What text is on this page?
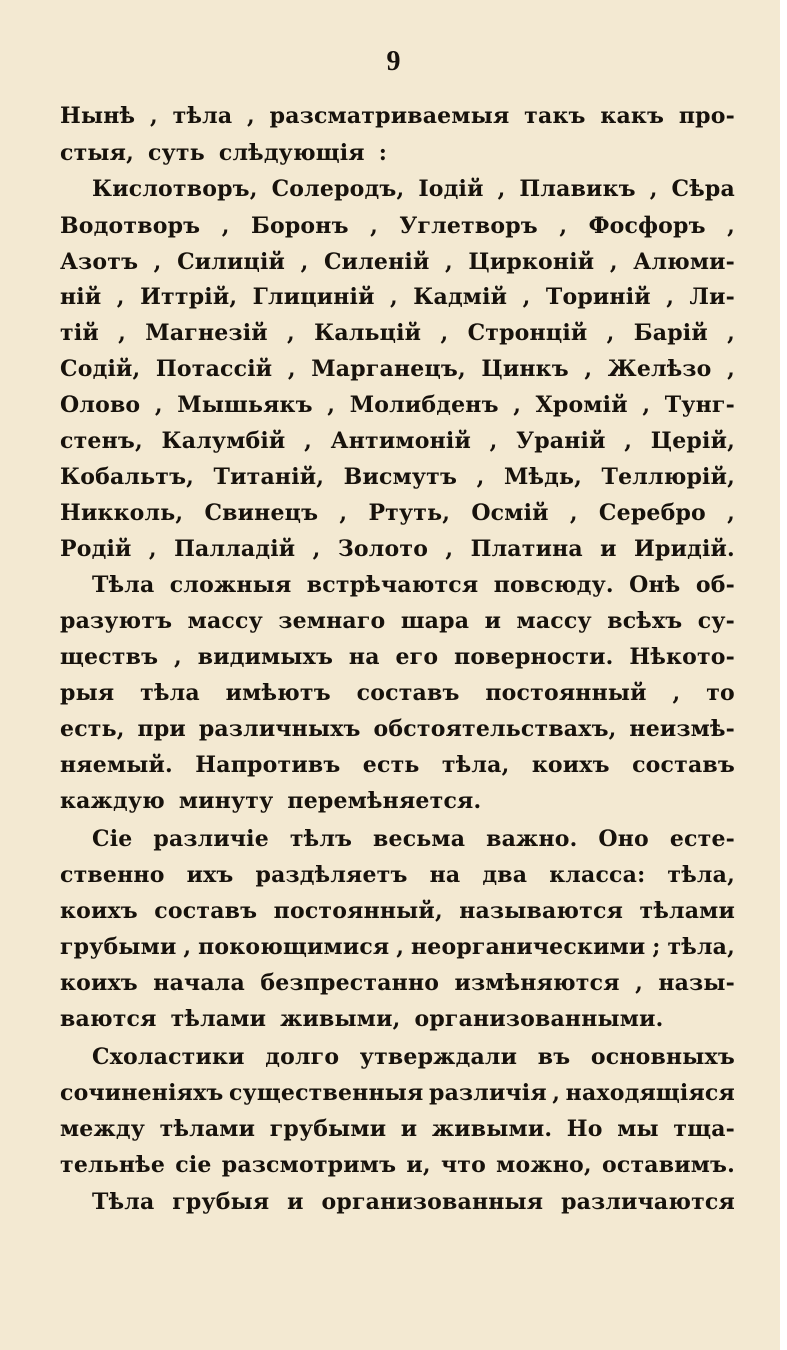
9
Нынѣ , тѣла , разсматриваемыя такъ какъ про-
стыя, суть слѣдующія :
Кислотворъ, Солеродъ, Іодій , Плавикъ , Сѣра
Водотворъ , Боронъ , Углетворъ , Фосфоръ ,
Азотъ , Силицій , Силеній , Цирконій , Алюми-
ній , Иттрій, Глициній , Кадмій , Ториній , Ли-
тій , Магнезій , Кальцій , Стронцій , Барій ,
Содій, Потассій , Марганецъ, Цинкъ , Желѣзо ,
Олово , Мышьякъ , Молибденъ , Хромій , Тунг-
стенъ, Калумбій , Антимоній , Ураній , Церій,
Кобальтъ, Титаній, Висмутъ , Мѣдь, Теллюрій,
Никколь, Свинецъ , Ртуть, Осмій , Серебро ,
Родій , Палладій , Золото , Платина и Иридій.
Тѣла сложныя встрѣчаются повсюду. Онѣ об-
разуютъ массу земнаго шара и массу всѣхъ су-
ществъ , видимыхъ на его поверности. Нѣкото-
рыя тѣла имѣютъ составъ постоянный , то
есть, при различныхъ обстоятельствахъ, неизмѣ-
няемый. Напротивъ есть тѣла, коихъ составъ
каждую минуту перемѣняется.
Сіе различіе тѣлъ весьма важно. Оно есте-
ственно ихъ раздѣляетъ на два класса: тѣла,
коихъ составъ постоянный, называются тѣлами
грубыми , покоющимися , неорганическими ; тѣла,
коихъ начала безпрестанно измѣняются , назы-
ваются тѣлами живыми, организованными.
Схоластики долго утверждали въ основныхъ
сочиненіяхъ существенныя различія , находящіяся
между тѣлами грубыми и живыми. Но мы тща-
тельнѣе сіе разсмотримъ и, что можно, оставимъ.
Тѣла грубыя и организованныя различаются
